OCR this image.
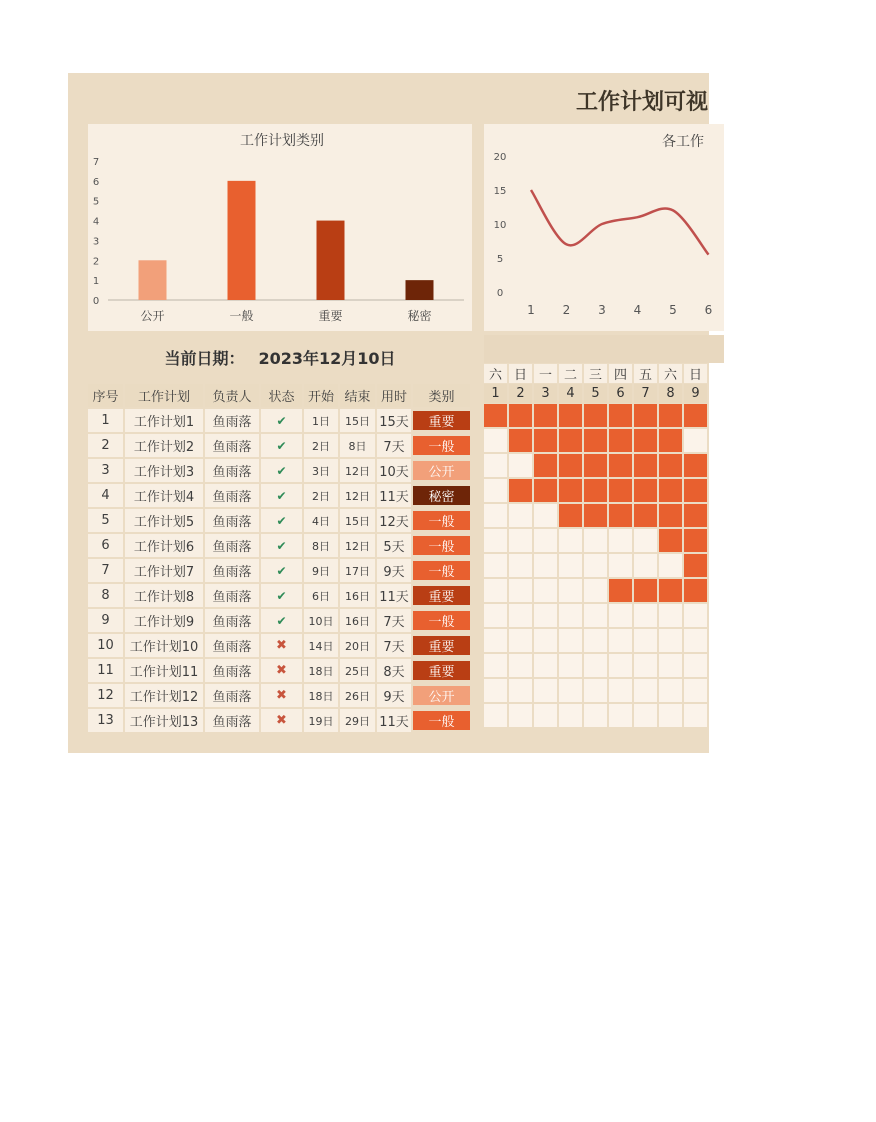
工作计划可视
工作计划类别
0
1
2
3
4
5
6
7
公开	一般	重要	秘密
各工作
0
5
10
15
20
1 2 3 4 5 6
当前日期： 2023年12月10日
序号	工作计划	负责人	状态	开始 结束 用时	类别
1	工作计划1	鱼雨落	✔	1日	15日 15天	重要
2	工作计划2	鱼雨落	✔	2日	8日	7天	一般
3	工作计划3	鱼雨落	✔	3日	12日 10天	公开
4	工作计划4	鱼雨落	✔	2日	12日 11天	秘密
5	工作计划5	鱼雨落	✔	4日	15日 12天	一般
6	工作计划6	鱼雨落	✔	8日	12日	5天	一般
7	工作计划7	鱼雨落	✔	9日	17日	9天	一般
8	工作计划8	鱼雨落	✔	6日	16日 11天	重要
9	工作计划9	鱼雨落	✔	10日	16日	7天	一般
10	工作计划10	鱼雨落	✖	14日	20日	7天	重要
11	工作计划11	鱼雨落	✖	18日	25日	8天	重要
12	工作计划12	鱼雨落	✖	18日	26日	9天	公开
13	工作计划13	鱼雨落	✖	19日	29日 11天	一般
六 日 一 二 三 四 五 六 日
1	2	3	4	5	6	7	8	9
